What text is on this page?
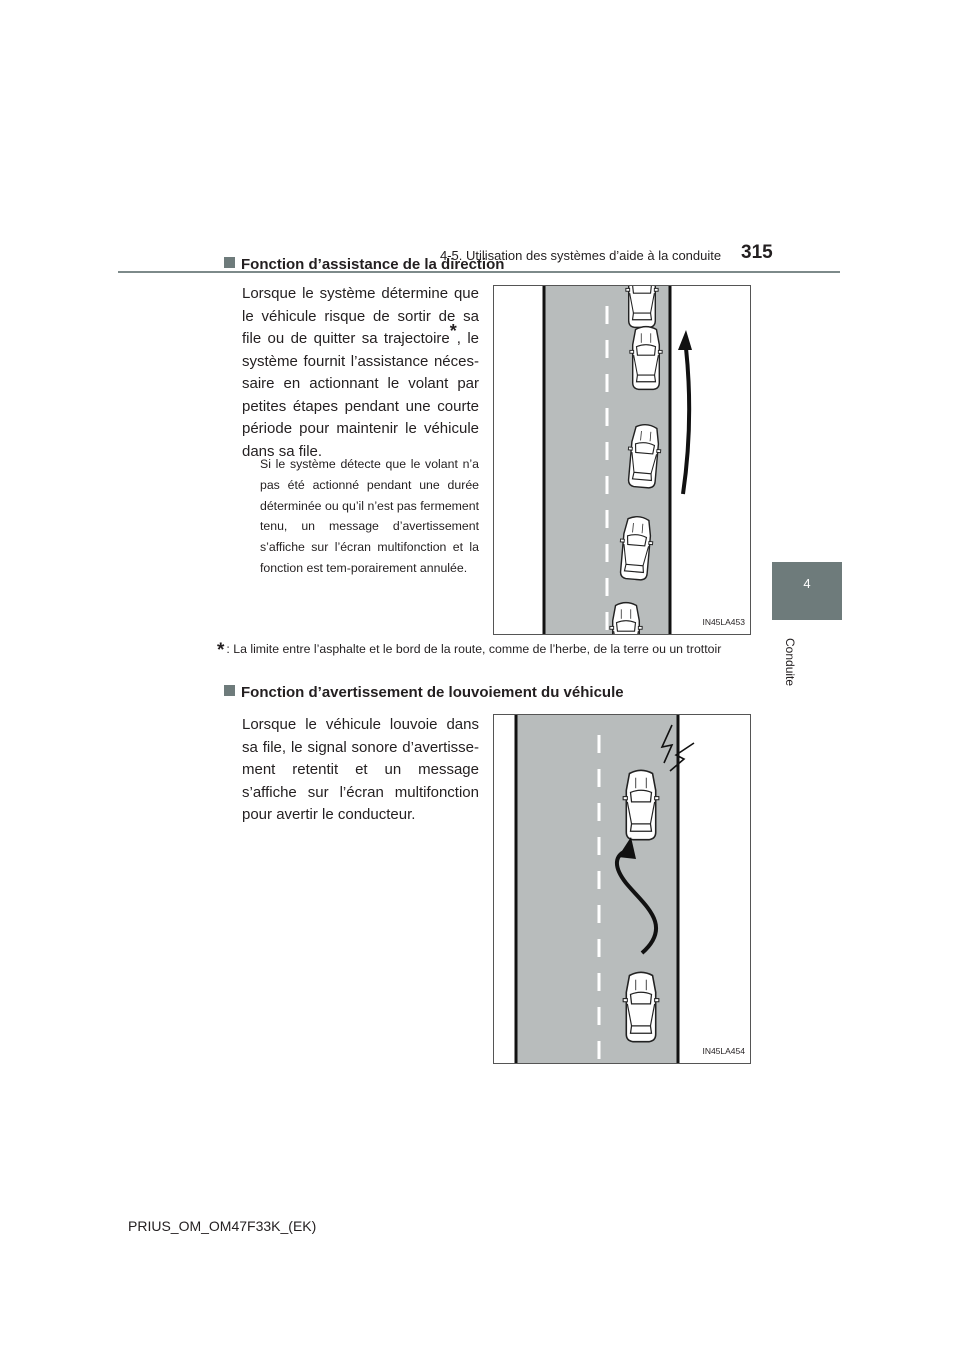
4-5. Utilisation des systèmes d’aide à la conduite 315
4
Conduite
Fonction d’assistance de la direction
Lorsque le système détermine que le véhicule risque de sortir de sa file ou de quitter sa trajectoire*, le système fournit l’assistance néces-saire en actionnant le volant par petites étapes pendant une courte période pour maintenir le véhicule dans sa file.
Si le système détecte que le volant n’a pas été actionné pendant une durée déterminée ou qu’il n’est pas fermement tenu, un message d’avertissement s’affiche sur l’écran multifonction et la fonction est tem-porairement annulée.
IN45LA453
* : La limite entre l’asphalte et le bord de la route, comme de l’herbe, de la terre ou un trottoir
Fonction d’avertissement de louvoiement du véhicule
Lorsque le véhicule louvoie dans sa file, le signal sonore d’avertisse-ment retentit et un message s’affiche sur l’écran multifonction pour avertir le conducteur.
IN45LA454
PRIUS_OM_OM47F33K_(EK)
